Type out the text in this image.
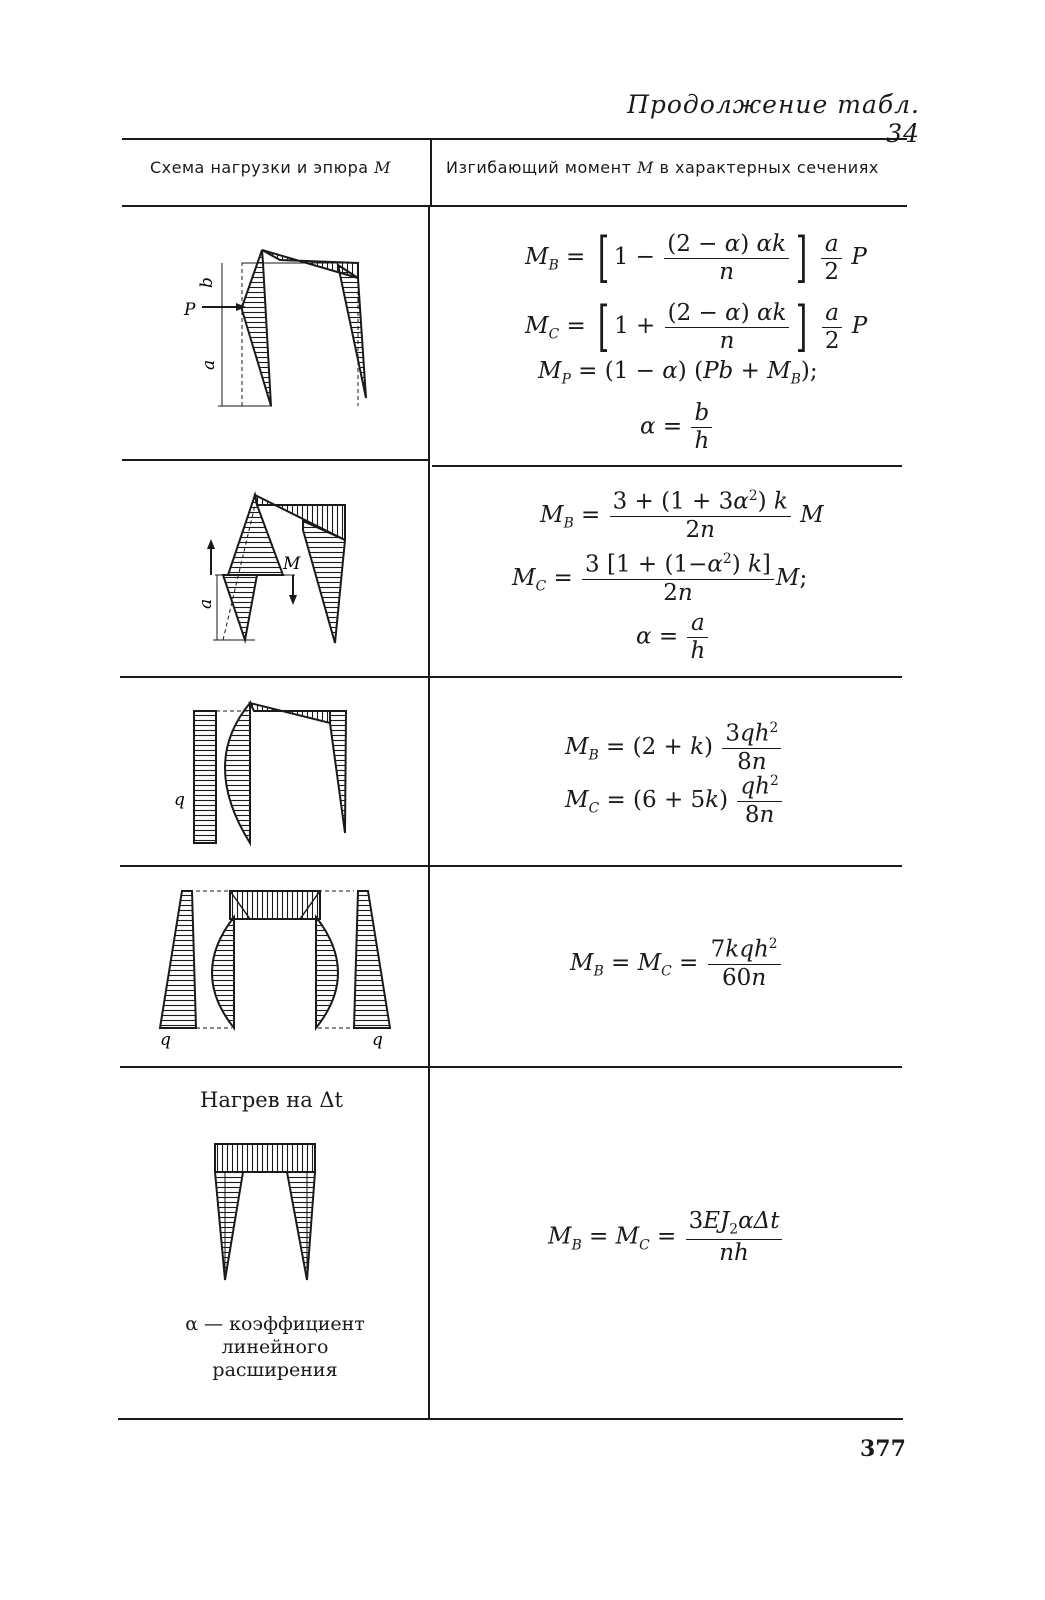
Продолжение табл. 34
Схема нагрузки и эпюра M	Изгибающий момент M в характерных сечениях
b
P
a
$M_B$ = [ $1 - \frac{(2 - \alpha) \alpha k}{n}$ ] $\frac{a}{2}$ P
$M_C$ = [ $1 + \frac{(2 - \alpha) \alpha k}{n}$ ] $\frac{a}{2}$ P
$M_P = (1 - \alpha) (Pb + M_B)$;
$\alpha = \frac{b}{h}$
M
a
$M_B = \frac{3 + (1 + 3\alpha^2) k}{2n}$ M
$M_C = \frac{3 [1 + (1-\alpha^2) k]}{2n} M$;
$\alpha = \frac{a}{h}$
q
$M_B = (2 + k) \frac{3qh^2}{8n}$
$M_C = (6 + 5k) \frac{qh^2}{8n}$
q	q
$M_B = M_C = \frac{7kqh^2}{60n}$
Нагрев на Δt
α — коэффициент линейного расширения
$M_B = M_C = \frac{3EJ_2\alpha\Delta t}{nh}$
377
